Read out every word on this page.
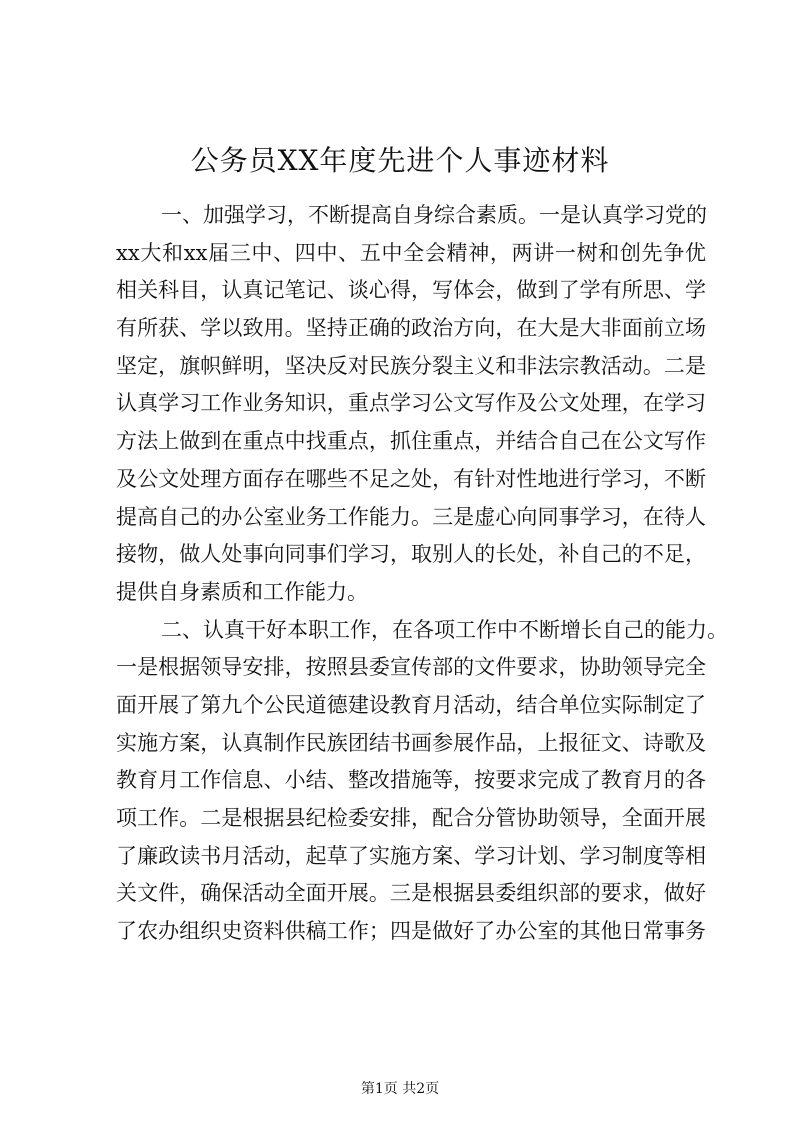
公务员XX年度先进个人事迹材料
一、加强学习，不断提高自身综合素质。一是认真学习党的
xx大和xx届三中、四中、五中全会精神，两讲一树和创先争优
相关科目，认真记笔记、谈心得，写体会，做到了学有所思、学
有所获、学以致用。坚持正确的政治方向，在大是大非面前立场
坚定，旗帜鲜明，坚决反对民族分裂主义和非法宗教活动。二是
认真学习工作业务知识，重点学习公文写作及公文处理，在学习
方法上做到在重点中找重点，抓住重点，并结合自己在公文写作
及公文处理方面存在哪些不足之处，有针对性地进行学习，不断
提高自己的办公室业务工作能力。三是虚心向同事学习，在待人
接物，做人处事向同事们学习，取别人的长处，补自己的不足，
提供自身素质和工作能力。
二、认真干好本职工作，在各项工作中不断增长自己的能力。
一是根据领导安排，按照县委宣传部的文件要求，协助领导完全
面开展了第九个公民道德建设教育月活动，结合单位实际制定了
实施方案，认真制作民族团结书画参展作品，上报征文、诗歌及
教育月工作信息、小结、整改措施等，按要求完成了教育月的各
项工作。二是根据县纪检委安排，配合分管协助领导，全面开展
了廉政读书月活动，起草了实施方案、学习计划、学习制度等相
关文件，确保活动全面开展。三是根据县委组织部的要求，做好
了农办组织史资料供稿工作；四是做好了办公室的其他日常事务
第1页 共2页
